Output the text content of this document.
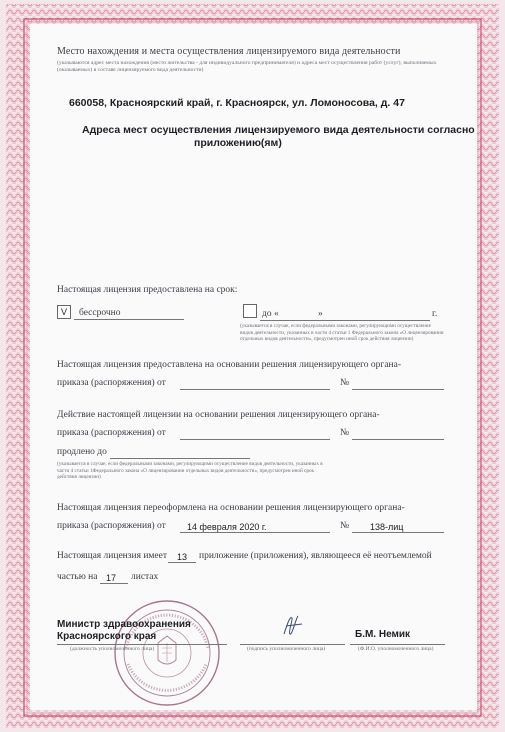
Место нахождения и места осуществления лицензируемого вида деятельности
(указываются адрес места нахождения (место жительства - для индивидуального предпринимателя) и адреса мест осуществления работ (услуг), выполняемых (оказываемых) в составе лицензируемого вида деятельности)
660058, Красноярский край, г. Красноярск, ул. Ломоносова, д. 47
Адреса мест осуществления лицензируемого вида деятельности согласно
приложению(ям)
Настоящая лицензия предоставлена на срок:
V бессрочно	до «	»	г.
(указывается в случае, если федеральными законами, регулирующими осуществление видов деятельности, указанных в части 4 статьи 1 Федерального закона «О лицензировании отдельных видов деятельности», предусмотрен иной срок действия лицензии)
Настоящая лицензия предоставлена на основании решения лицензирующего органа-
приказа (распоряжения) от	№
Действие настоящей лицензии на основании решения лицензирующего органа-
приказа (распоряжения) от	№
продлено до
(указывается в случае, если федеральными законами, регулирующими осуществление видов деятельности, указанных в части 4 статьи 1Федерального закона «О лицензировании отдельных видов деятельности», предусмотрен иной срок действия лицензии)
Настоящая лицензия переоформлена на основании решения лицензирующего органа-
приказа (распоряжения) от 14 февраля 2020 г.	№ 138-лиц
Настоящая лицензия имеет 13 приложение (приложения), являющееся её неотъемлемой
частью на 17 листах
Министр здравоохранения
Красноярского края
(должность уполномоченного лица)	(подпись уполномоченного лица)
Б.М. Немик
(Ф.И.О. уполномоченного лица)
